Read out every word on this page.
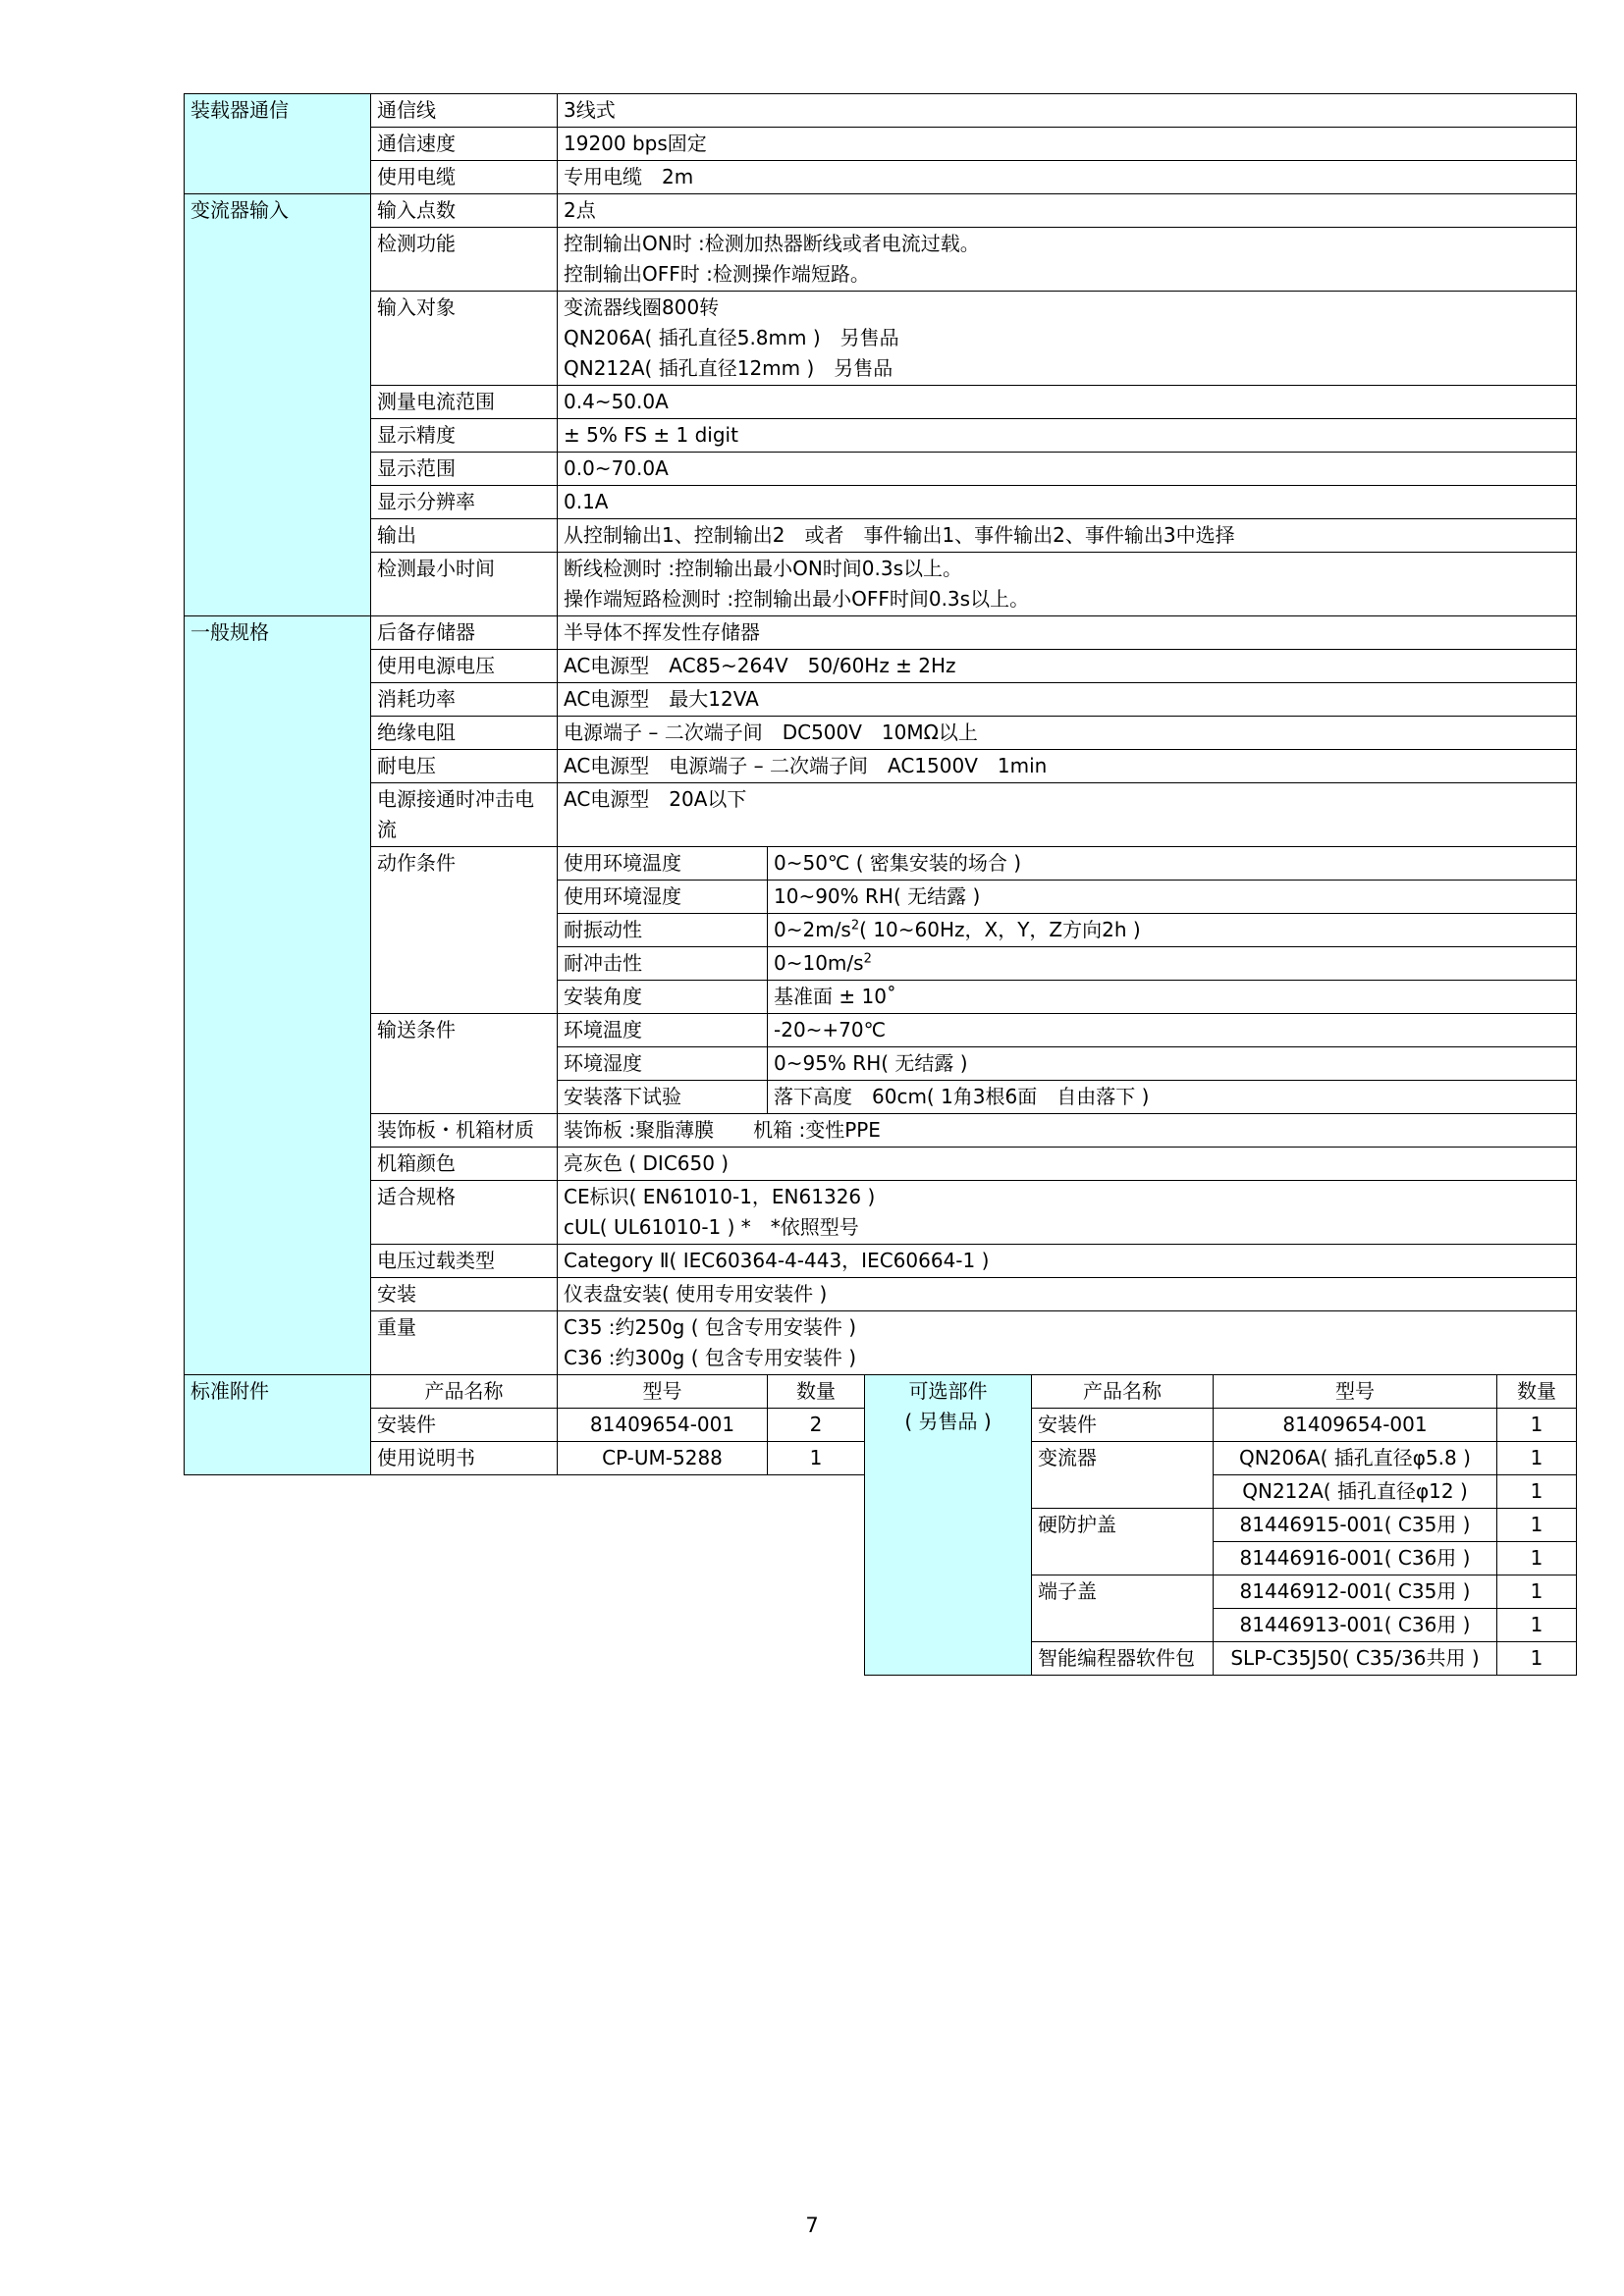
装载器通信	通信线	3线式	

	通信速度	19200 bps固定	

	使用电缆	专用电缆　2m	

变流器输入	输入点数	2点	

	检测功能	控制输出ON时 :检测加热器断线或者电流过载。
控制输出OFF时 :检测操作端短路。	

	输入对象	变流器线圈800转
QN206A( 插孔直径5.8mm )　另售品
QN212A( 插孔直径12mm )　另售品	

	测量电流范围	0.4~50.0A	

	显示精度	± 5% FS ± 1 digit	

	显示范围	0.0~70.0A	

	显示分辨率	0.1A	

	输出	从控制输出1、控制输出2　或者　事件输出1、事件输出2、事件输出3中选择	

	检测最小时间	断线检测时 :控制输出最小ON时间0.3s以上。
操作端短路检测时 :控制输出最小OFF时间0.3s以上。	

一般规格	后备存储器	半导体不挥发性存储器	

	使用电源电压	AC电源型　AC85~264V　50/60Hz ± 2Hz	

	消耗功率	AC电源型　最大12VA	

	绝缘电阻	电源端子 – 二次端子间　DC500V　10MΩ以上	

	耐电压	AC电源型　电源端子 – 二次端子间　AC1500V　1min	

	电源接通时冲击电流	AC电源型　20A以下	

	动作条件	使用环境温度	0~50℃ ( 密集安装的场合 )
		使用环境湿度	10~90% RH( 无结露 )
		耐振动性	$0\sim 2m/s^2$( 10~60Hz，X，Y，Z方向2h )
		耐冲击性	$0\sim 10m/s^2$
		安装角度	基准面 ± 10˚
	输送条件	环境温度	-20~+70℃
		环境湿度	0~95% RH( 无结露 )
		安装落下试验	落下高度　60cm( 1角3根6面　自由落下 )
	装饰板・机箱材质	装饰板 :聚脂薄膜　　机箱 :变性PPE	

	机箱颜色	亮灰色 ( DIC650 )	

	适合规格	CE标识( EN61010-1，EN61326 )
cUL( UL61010-1 ) *　*依照型号	

	电压过载类型	Category Ⅱ( IEC60364-4-443，IEC60664-1 )	

	安装	仪表盘安装( 使用专用安装件 )	

	重量	C35 :约250g ( 包含专用安装件 )
C36 :约300g ( 包含专用安装件 )	
标准附件	产品名称	型号	数量
	安装件	81409654-001	2
	使用说明书	CP-UM-5288	1
可选部件
( 另售品 )	产品名称	型号	数量
	安装件	81409654-001	1
	变流器	QN206A( 插孔直径φ5.8 )	1
		QN212A( 插孔直径φ12 )	1
	硬防护盖	81446915-001( C35用 )	1
		81446916-001( C36用 )	1
	端子盖	81446912-001( C35用 )	1
		81446913-001( C36用 )	1
	智能编程器软件包	SLP-C35J50( C35/36共用 )	1
7
